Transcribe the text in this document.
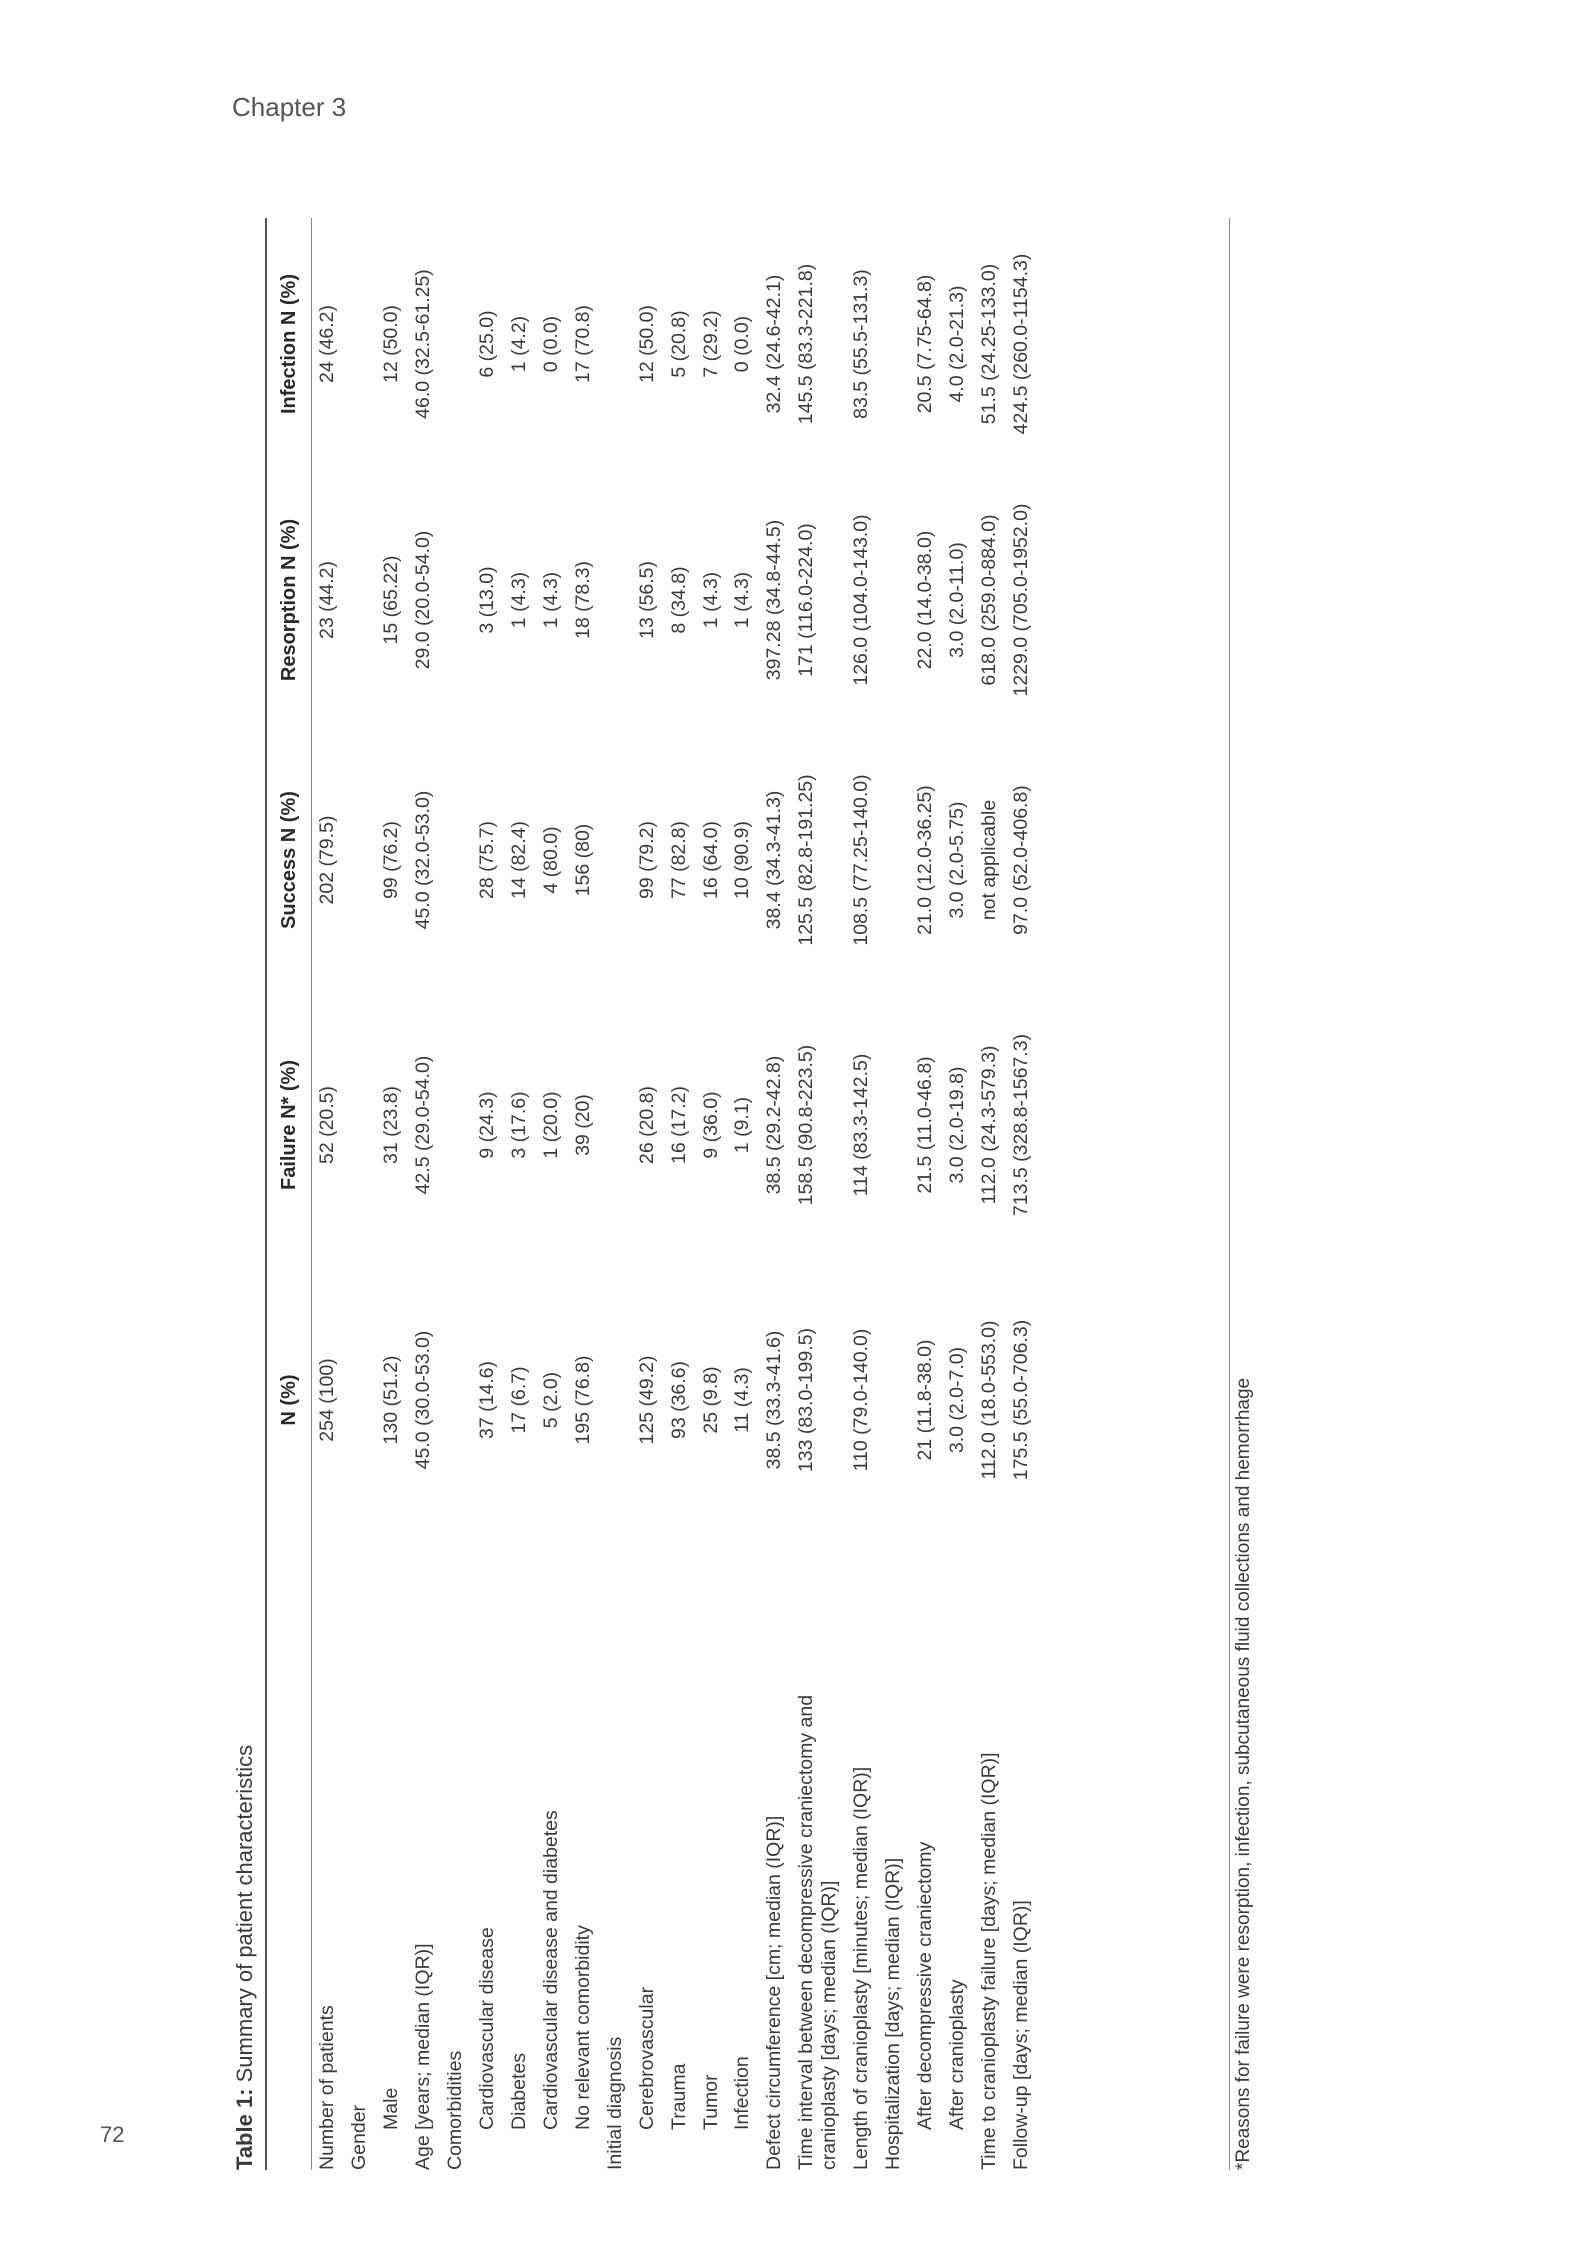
Chapter 3
72	Table 1: Summary of patient characteristics
N (%)
Failure N* (%)
Success N (%)
Resorption N (%)
Infection N (%)
Number of patients
254 (100)
52 (20.5)
202 (79.5)
23 (44.2)
24 (46.2)
Gender Male
130 (51.2)
31 (23.8)
99 (76.2)
15 (65.22)
12 (50.0)
Age [years; median (IQR)]
45.0 (30.0-53.0)
42.5 (29.0-54.0)
45.0 (32.0-53.0)
29.0 (20.0-54.0)
46.0 (32.5-61.25)
Comorbidities Cardiovascular disease
37 (14.6)
9 (24.3)
28 (75.7)
3 (13.0)
6 (25.0)
Diabetes
17 (6.7)
3 (17.6)
14 (82.4)
1 (4.3)
1 (4.2)
Cardiovascular disease and diabetes
5 (2.0)
1 (20.0)
4 (80.0)
1 (4.3)
0 (0.0)
No relevant comorbidity
195 (76.8)
39 (20)
156 (80)
18 (78.3)
17 (70.8)
Initial diagnosis Cerebrovascular
125 (49.2)
26 (20.8)
99 (79.2)
13 (56.5)
12 (50.0)
Trauma
93 (36.6)
16 (17.2)
77 (82.8)
8 (34.8)
5 (20.8)
Tumor
25 (9.8)
9 (36.0)
16 (64.0)
1 (4.3)
7 (29.2)
Infection
11 (4.3)
1 (9.1)
10 (90.9)
1 (4.3)
0 (0.0)
Defect circumference [cm; median (IQR)]
38.5 (33.3-41.6)
38.5 (29.2-42.8)
38.4 (34.3-41.3)
397.28 (34.8-44.5)
32.4 (24.6-42.1)
Time interval between decompressive craniectomy and
cranioplasty [days; median (IQR)]
133 (83.0-199.5)
158.5 (90.8-223.5)
125.5 (82.8-191.25)
171 (116.0-224.0)
145.5 (83.3-221.8)
Length of cranioplasty [minutes; median (IQR)]
110 (79.0-140.0)
114 (83.3-142.5)
108.5 (77.25-140.0)
126.0 (104.0-143.0)
83.5 (55.5-131.3)
Hospitalization [days; median (IQR)] After decompressive craniectomy
21 (11.8-38.0)
21.5 (11.0-46.8)
21.0 (12.0-36.25)
22.0 (14.0-38.0)
20.5 (7.75-64.8)
After cranioplasty
3.0 (2.0-7.0)
3.0 (2.0-19.8)
3.0 (2.0-5.75)
3.0 (2.0-11.0)
4.0 (2.0-21.3)
Time to cranioplasty failure [days; median (IQR)]
112.0 (18.0-553.0)
112.0 (24.3-579.3)
not applicable
618.0 (259.0-884.0)
51.5 (24.25-133.0)
Follow-up [days; median (IQR)]
175.5 (55.0-706.3)
713.5 (328.8-1567.3)
97.0 (52.0-406.8)
1229.0 (705.0-1952.0)
424.5 (260.0-1154.3)
*Reasons for failure were resorption, infection, subcutaneous fluid collections and hemorrhage
